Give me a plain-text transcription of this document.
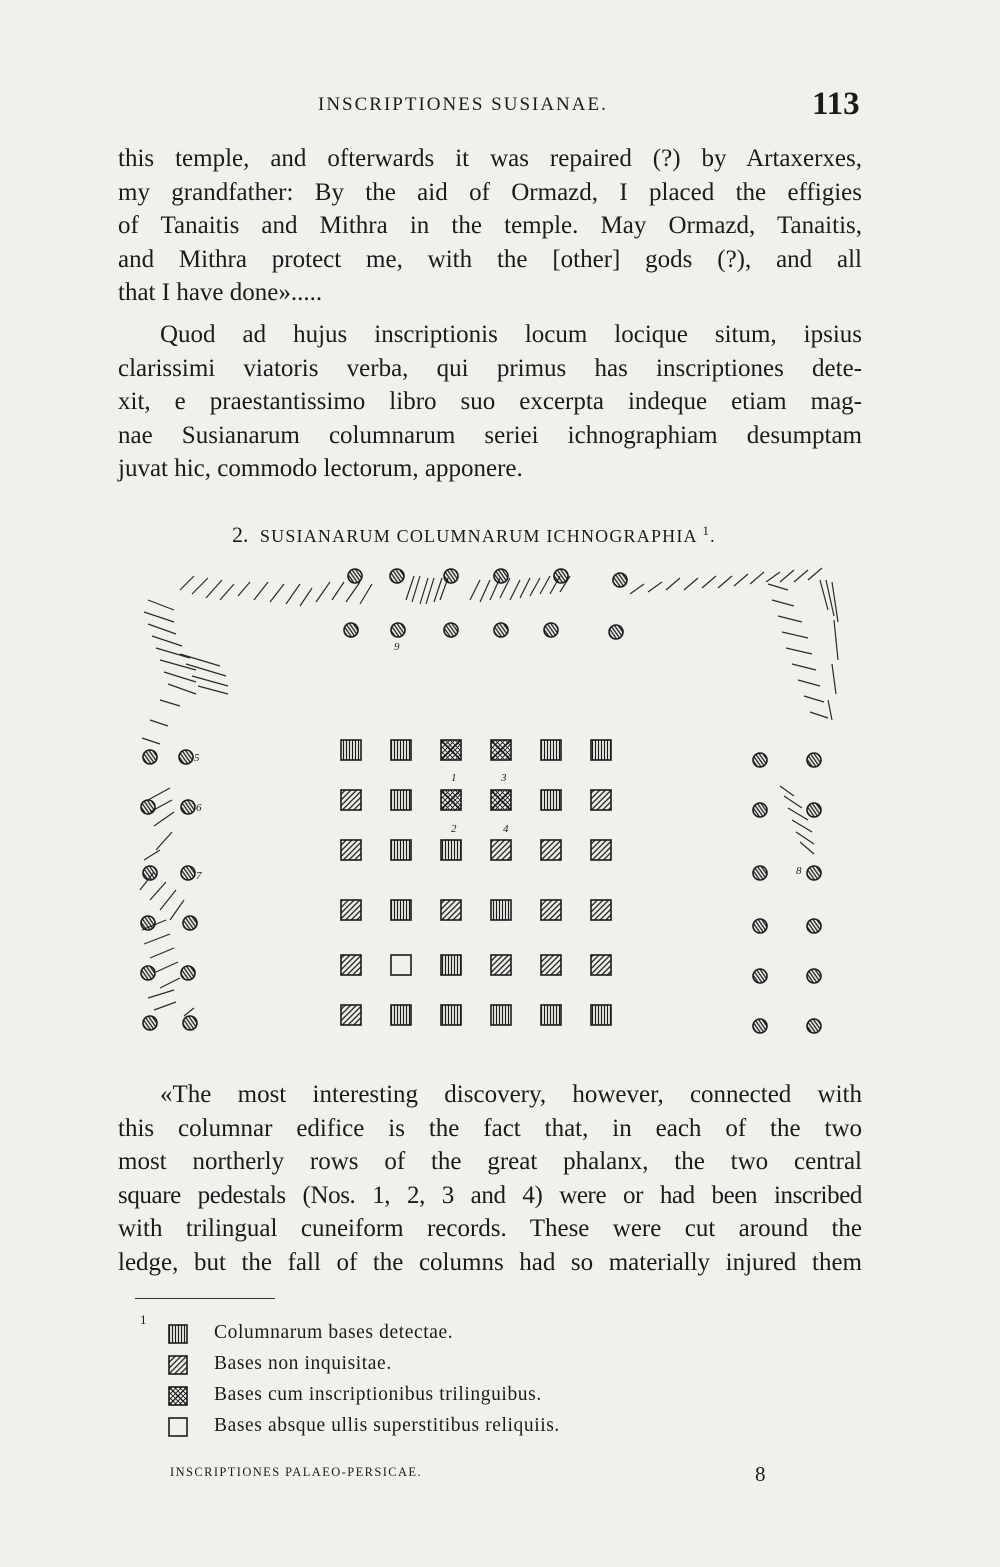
INSCRIPTIONES SUSIANAE.	113
this temple, and ofterwards it was repaired (?) by Artaxerxes,
my grandfather: By the aid of Ormazd, I placed the effigies
of Tanaitis and Mithra in the temple. May Ormazd, Tanaitis,
and Mithra protect me, with the [other] gods (?), and all
that I have done».....
Quod ad hujus inscriptionis locum locique situm, ipsius
clarissimi viatoris verba, qui primus has inscriptiones dete-
xit, e praestantissimo libro suo excerpta indeque etiam mag-
nae Susianarum columnarum seriei ichnographiam desumptam
juvat hic, commodo lectorum, apponere.
2. SUSIANARUM COLUMNARUM ICHNOGRAPHIA $^1$.
1	3
2	4
5
6
7	8
9
«The most interesting discovery, however, connected with
this columnar edifice is the fact that, in each of the two
most northerly rows of the great phalanx, the two central
square pedestals (Nos. 1, 2, 3 and 4) were or had been inscribed
with trilingual cuneiform records. These were cut around the
ledge, but the fall of the columns had so materially injured them
1
Columnarum bases detectae.
Bases non inquisitae.
Bases cum inscriptionibus trilinguibus.
Bases absque ullis superstitibus reliquiis.
INSCRIPTIONES PALAEO-PERSICAE.	8
